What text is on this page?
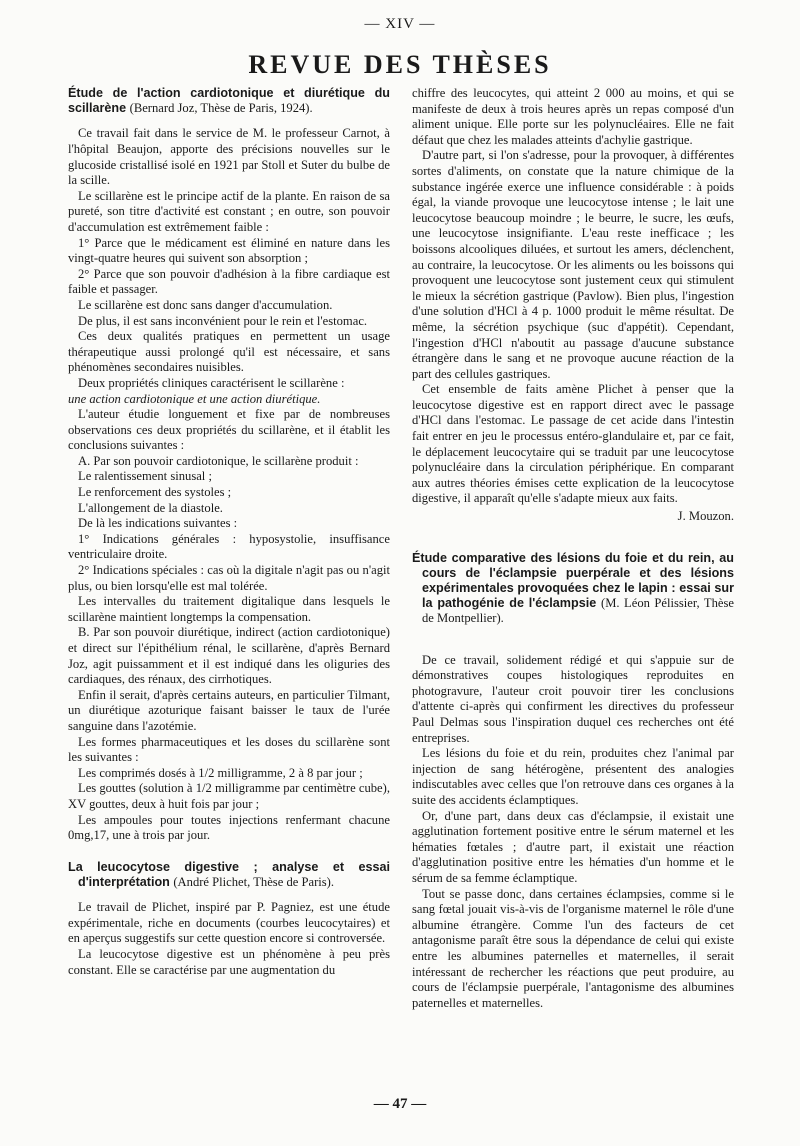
— XIV —
REVUE DES THÈSES
Étude de l'action cardiotonique et diurétique du scillarène (Bernard Joz, Thèse de Paris, 1924).

Ce travail fait dans le service de M. le professeur Carnot, à l'hôpital Beaujon, apporte des précisions nouvelles sur le glucoside cristallisé isolé en 1921 par Stoll et Suter du bulbe de la scille.

Le scillarène est le principe actif de la plante. En raison de sa pureté, son titre d'activité est constant ; en outre, son pouvoir d'accumulation est extrêmement faible :

1° Parce que le médicament est éliminé en nature dans les vingt-quatre heures qui suivent son absorption ;

2° Parce que son pouvoir d'adhésion à la fibre cardiaque est faible et passager.

Le scillarène est donc sans danger d'accumulation.

De plus, il est sans inconvénient pour le rein et l'estomac.

Ces deux qualités pratiques en permettent un usage thérapeutique aussi prolongé qu'il est nécessaire, et sans phénomènes secondaires nuisibles.

Deux propriétés cliniques caractérisent le scillarène :

une action cardiotonique et une action diurétique.

L'auteur étudie longuement et fixe par de nombreuses observations ces deux propriétés du scillarène, et il établit les conclusions suivantes :

A. Par son pouvoir cardiotonique, le scillarène produit :

Le ralentissement sinusal ;

Le renforcement des systoles ;

L'allongement de la diastole.

De là les indications suivantes :

1° Indications générales : hyposystolie, insuffisance ventriculaire droite.

2° Indications spéciales : cas où la digitale n'agit pas ou n'agit plus, ou bien lorsqu'elle est mal tolérée.

Les intervalles du traitement digitalique dans lesquels le scillarène maintient longtemps la compensation.

B. Par son pouvoir diurétique, indirect (action cardiotonique) et direct sur l'épithélium rénal, le scillarène, d'après Bernard Joz, agit puissamment et il est indiqué dans les oliguries des cardiaques, des rénaux, des cirrhotiques.

Enfin il serait, d'après certains auteurs, en particulier Tilmant, un diurétique azoturique faisant baisser le taux de l'urée sanguine dans l'azotémie.

Les formes pharmaceutiques et les doses du scillarène sont les suivantes :

Les comprimés dosés à 1/2 milligramme, 2 à 8 par jour ;

Les gouttes (solution à 1/2 milligramme par centimètre cube), XV gouttes, deux à huit fois par jour ;

Les ampoules pour toutes injections renfermant chacune 0mg,17, une à trois par jour.

La leucocytose digestive ; analyse et essai d'interprétation (André Plichet, Thèse de Paris).

Le travail de Plichet, inspiré par P. Pagniez, est une étude expérimentale, riche en documents (courbes leucocytaires) et en aperçus suggestifs sur cette question encore si controversée.

La leucocytose digestive est un phénomène à peu près constant. Elle se caractérise par une augmentation du

chiffre des leucocytes, qui atteint 2 000 au moins, et qui se manifeste de deux à trois heures après un repas composé d'un aliment unique. Elle porte sur les polynucléaires. Elle ne fait défaut que chez les malades atteints d'achylie gastrique.

D'autre part, si l'on s'adresse, pour la provoquer, à différentes sortes d'aliments, on constate que la nature chimique de la substance ingérée exerce une influence considérable : à poids égal, la viande provoque une leucocytose intense ; le lait une leucocytose beaucoup moindre ; le beurre, le sucre, les œufs, une leucocytose insignifiante. L'eau reste inefficace ; les boissons alcooliques diluées, et surtout les amers, déclenchent, au contraire, la leucocytose. Or les aliments ou les boissons qui provoquent une leucocytose sont justement ceux qui stimulent le mieux la sécrétion gastrique (Pavlow). Bien plus, l'ingestion d'une solution d'HCl à 4 p. 1000 produit le même résultat. De même, la sécrétion psychique (suc d'appétit). Cependant, l'ingestion d'HCl n'aboutit au passage d'aucune substance étrangère dans le sang et ne provoque aucune réaction de la part des cellules gastriques.

Cet ensemble de faits amène Plichet à penser que la leucocytose digestive est en rapport direct avec le passage d'HCl dans l'estomac. Le passage de cet acide dans l'intestin fait entrer en jeu le processus entéro-glandulaire et, par ce fait, le déplacement leucocytaire qui se traduit par une leucocytose polynucléaire dans la circulation périphérique. En comparant aux autres théories émises cette explication de la leucocytose digestive, il apparaît qu'elle s'adapte mieux aux faits.

J. Mouzon.
Étude comparative des lésions du foie et du rein, au cours de l'éclampsie puerpérale et des lésions expérimentales provoquées chez le lapin : essai sur la pathogénie de l'éclampsie (M. Léon Pélissier, Thèse de Montpellier).

De ce travail, solidement rédigé et qui s'appuie sur de démonstratives coupes histologiques reproduites en photogravure, l'auteur croit pouvoir tirer les conclusions d'attente ci-après qui confirment les directives du professeur Paul Delmas sous l'inspiration duquel ces recherches ont été entreprises.

Les lésions du foie et du rein, produites chez l'animal par injection de sang hétérogène, présentent des analogies indiscutables avec celles que l'on retrouve dans ces organes à la suite des accidents éclamptiques.

Or, d'une part, dans deux cas d'éclampsie, il existait une agglutination fortement positive entre le sérum maternel et les hématies fœtales ; d'autre part, il existait une réaction d'agglutination positive entre les hématies d'un homme et le sérum de sa femme éclamptique.

Tout se passe donc, dans certaines éclampsies, comme si le sang fœtal jouait vis-à-vis de l'organisme maternel le rôle d'une albumine étrangère. Comme l'un des facteurs de cet antagonisme paraît être sous la dépendance de celui qui existe entre les albumines paternelles et maternelles, il serait intéressant de rechercher les réactions que peut produire, au cours de l'éclampsie puerpérale, l'antagonisme des albumines paternelles et maternelles.

— 47 —
